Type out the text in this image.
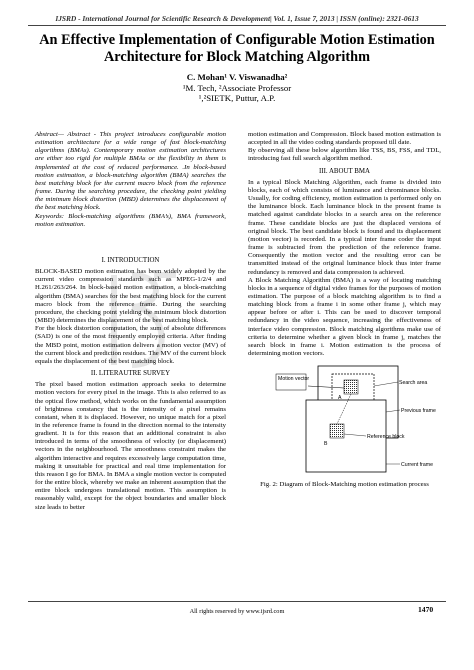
IJSRD - International Journal for Scientific Research & Development| Vol. 1, Issue 7, 2013 | ISSN (online): 2321-0613
An Effective Implementation of Configurable Motion Estimation Architecture for Block Matching Algorithm
C. Mohan¹ V. Viswanadha²
¹M. Tech, ²Associate Professor
¹,²SIETK, Puttur, A.P.

Abstract— Abstract - This project introduces configurable motion estimation architecture for a wide range of fast block-matching algorithms (BMAs). Contemporary motion estimation architectures are either too rigid for multiple BMAs or the flexibility in them is implemented at the cost of reduced performance. .In block-based motion estimation, a block-matching algorithm (BMA) searches the best matching block for the current macro block from the reference frame. During the searching procedure, the checking point yielding the minimum block distortion (MBD) determines the displacement of the best matching block.

Keywords: Block-matching algorithms (BMA’s), BMA framework, motion estimation.

I. INTRODUCTION

BLOCK-BASED motion estimation has been widely adopted by the current video compression standards such as MPEG-1/2/4 and H.261/263/264. In block-based motion estimation, a block-matching algorithm (BMA) searches for the best matching block for the current macro block from the reference frame. During the searching procedure, the checking point yielding the minimum block distortion (MBD) determines the displacement of the best matching block.

For the block distortion computation, the sum of absolute differences (SAD) is one of the most frequently employed criteria. After finding the MBD point, motion estimation delivers a motion vector (MV) of the current block and prediction residues. The MV of the current block equals the displacement of the best matching block.

II. LITERAUTRE SURVEY

The pixel based motion estimation approach seeks to determine motion vectors for every pixel in the image. This is also referred to as the optical flow method, which works on the fundamental assumption of brightness constancy that is the intensity of a pixel remains constant, when it is displaced. However, no unique match for a pixel in the reference frame is found in the direction normal to the intensity gradient. It is for this reason that an additional constraint is also introduced in terms of the smoothness of velocity (or displacement) vectors in the neighbourhood. The smoothness constraint makes the algorithm interactive and requires excessively large computation time, making it unsuitable for practical and real time implementation for this reason I go for BMA. In BMA a single motion vector is computed for the entire block, whereby we make an inherent assumption that the entire block undergoes translational motion. This assumption is reasonably valid, except for the object boundaries and smaller block size leads to better

motion estimation and Compression. Block based motion estimation is accepted in all the video coding standards proposed till date.

By observing all these below algorithm like TSS, BS, FSS, and TDL, introducing fast full search algorithm method.

III. ABOUT BMA

In a typical Block Matching Algorithm, each frame is divided into blocks, each of which consists of luminance and chrominance blocks. Usually, for coding efficiency, motion estimation is performed only on the luminance block. Each luminance block in the present frame is matched against candidate blocks in a search area on the reference frame. These candidate blocks are just the displaced versions of original block. The best candidate block is found and its displacement (motion vector) is recorded. In a typical inter frame coder the input frame is subtracted from the prediction of the reference frame. Consequently the motion vector and the resulting error can be transmitted instead of the original luminance block thus inter frame redundancy is removed and data compression is achieved.

A Block Matching Algorithm (BMA) is a way of locating matching blocks in a sequence of digital video frames for the purposes of motion estimation. The purpose of a block matching algorithm is to find a matching block from a frame i in some other frame j, which may appear before or after i. This can be used to discover temporal redundancy in the video sequence, increasing the effectiveness of interface video compression. Block matching algorithms make use of criteria to determine whether a given block in frame j, matches the search block in frame i. Motion estimation is the process of determining motion vectors.

Motion vector
Search area
Previous frame
Reference block
Current frame
A
B

Fig. 2: Diagram of Block-Matching motion estimation process

All rights reserved by www.ijsrd.com	1470
